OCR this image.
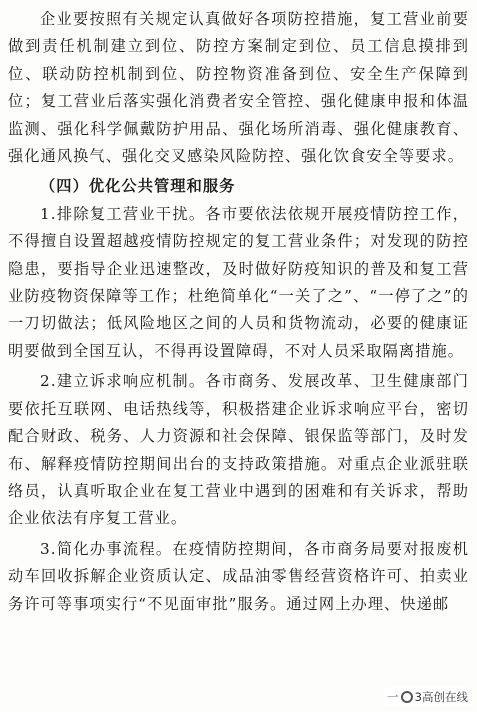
企业要按照有关规定认真做好各项防控措施，复工营业前要做到责任机制建立到位、防控方案制定到位、员工信息摸排到位、联动防控机制到位、防控物资准备到位、安全生产保障到位；复工营业后落实强化消费者安全管控、强化健康申报和体温监测、强化科学佩戴防护用品、强化场所消毒、强化健康教育、强化通风换气、强化交叉感染风险防控、强化饮食安全等要求。

（四）优化公共管理和服务

1.排除复工营业干扰。各市要依法依规开展疫情防控工作，不得擅自设置超越疫情防控规定的复工营业条件；对发现的防控隐患，要指导企业迅速整改，及时做好防疫知识的普及和复工营业防疫物资保障等工作；杜绝简单化“一关了之”、“一停了之”的一刀切做法；低风险地区之间的人员和货物流动，必要的健康证明要做到全国互认，不得再设置障碍，不对人员采取隔离措施。

2.建立诉求响应机制。各市商务、发展改革、卫生健康部门要依托互联网、电话热线等，积极搭建企业诉求响应平台，密切配合财政、税务、人力资源和社会保障、银保监等部门，及时发布、解释疫情防控期间出台的支持政策措施。对重点企业派驻联络员，认真听取企业在复工营业中遇到的困难和有关诉求，帮助企业依法有序复工营业。

3.简化办事流程。在疫情防控期间，各市商务局要对报废机动车回收拆解企业资质认定、成品油零售经营资格许可、拍卖业务许可等事项实行“不见面审批”服务。通过网上办理、快递邮

一 3高创在线
